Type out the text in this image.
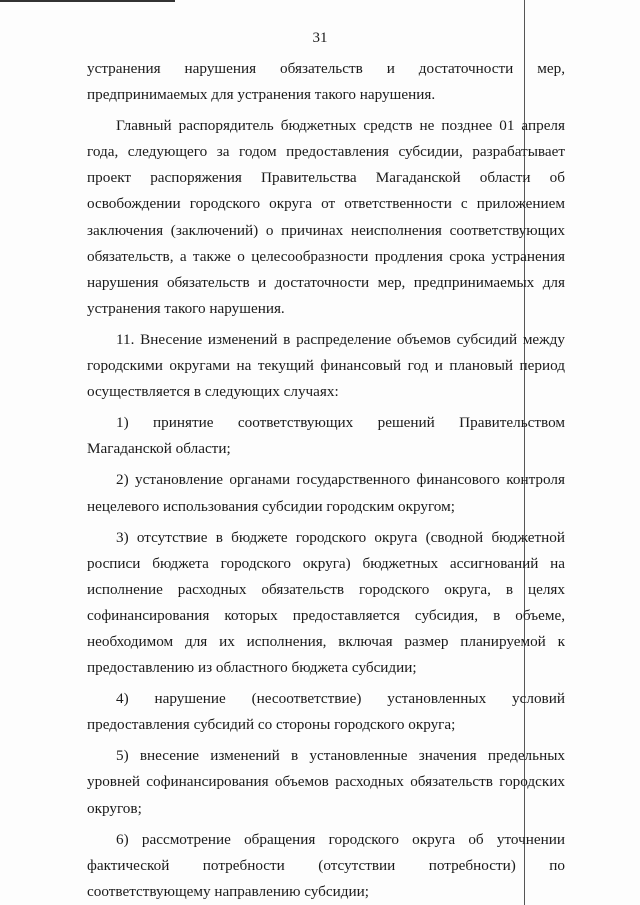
31

устранения нарушения обязательств и достаточности мер, предпринимаемых для устранения такого нарушения.

Главный распорядитель бюджетных средств не позднее 01 апреля года, следующего за годом предоставления субсидии, разрабатывает проект распоряжения Правительства Магаданской области об освобождении городского округа от ответственности с приложением заключения (заключений) о причинах неисполнения соответствующих обязательств, а также о целесообразности продления срока устранения нарушения обязательств и достаточности мер, предпринимаемых для устранения такого нарушения.

11. Внесение изменений в распределение объемов субсидий между городскими округами на текущий финансовый год и плановый период осуществляется в следующих случаях:

1) принятие соответствующих решений Правительством Магаданской области;

2) установление органами государственного финансового контроля нецелевого использования субсидии городским округом;

3) отсутствие в бюджете городского округа (сводной бюджетной росписи бюджета городского округа) бюджетных ассигнований на исполнение расходных обязательств городского округа, в целях софинансирования которых предоставляется субсидия, в объеме, необходимом для их исполнения, включая размер планируемой к предоставлению из областного бюджета субсидии;

4) нарушение (несоответствие) установленных условий предоставления субсидий со стороны городского округа;

5) внесение изменений в установленные значения предельных уровней софинансирования объемов расходных обязательств городских округов;

6) рассмотрение обращения городского округа об уточнении фактической потребности (отсутствии потребности) по соответствующему направлению субсидии;
